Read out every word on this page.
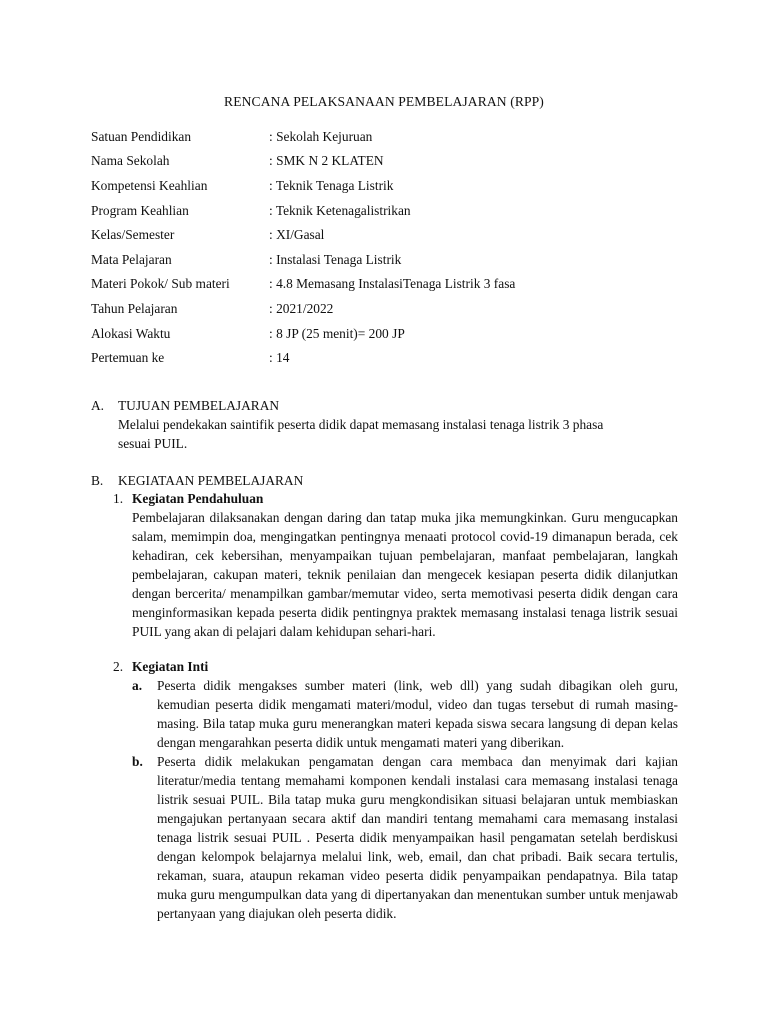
RENCANA PELAKSANAAN PEMBELAJARAN (RPP)
Satuan Pendidikan	: Sekolah Kejuruan
Nama Sekolah	: SMK N 2 KLATEN
Kompetensi Keahlian	: Teknik Tenaga Listrik
Program Keahlian	: Teknik Ketenagalistrikan
Kelas/Semester	: XI/Gasal
Mata Pelajaran	: Instalasi Tenaga Listrik
Materi Pokok/ Sub materi	: 4.8 Memasang InstalasiTenaga Listrik 3 fasa
Tahun Pelajaran	: 2021/2022
Alokasi Waktu	: 8 JP (25 menit)= 200 JP
Pertemuan ke	: 14
A.	TUJUAN PEMBELAJARAN
Melalui pendekakan saintifik peserta didik dapat memasang instalasi tenaga listrik 3 phasa sesuai PUIL.
B.	KEGIATAAN PEMBELAJARAN
1. Kegiatan Pendahuluan
Pembelajaran dilaksanakan dengan daring dan tatap muka jika memungkinkan. Guru mengucapkan salam, memimpin doa, mengingatkan pentingnya menaati protocol covid-19 dimanapun berada, cek kehadiran, cek kebersihan, menyampaikan tujuan pembelajaran, manfaat pembelajaran, langkah pembelajaran, cakupan materi, teknik penilaian dan mengecek kesiapan peserta didik dilanjutkan dengan bercerita/ menampilkan gambar/memutar video, serta memotivasi peserta didik dengan cara menginformasikan kepada peserta didik pentingnya praktek memasang instalasi tenaga listrik sesuai PUIL yang akan di pelajari dalam kehidupan sehari-hari.
2. Kegiatan Inti
a.	Peserta didik mengakses sumber materi (link, web dll) yang sudah dibagikan oleh guru, kemudian peserta didik mengamati materi/modul, video dan tugas tersebut di rumah masing-masing. Bila tatap muka guru menerangkan materi kepada siswa secara langsung di depan kelas dengan mengarahkan peserta didik untuk mengamati materi yang diberikan.
b.	Peserta didik melakukan pengamatan dengan cara membaca dan menyimak dari kajian literatur/media tentang memahami komponen kendali instalasi cara memasang instalasi tenaga listrik sesuai PUIL. Bila tatap muka guru mengkondisikan situasi belajaran untuk membiaskan mengajukan pertanyaan secara aktif dan mandiri tentang memahami cara memasang instalasi tenaga listrik sesuai PUIL . Peserta didik menyampaikan hasil pengamatan setelah berdiskusi dengan kelompok belajarnya melalui link, web, email, dan chat pribadi. Baik secara tertulis, rekaman, suara, ataupun rekaman video peserta didik penyampaikan pendapatnya. Bila tatap muka guru mengumpulkan data yang di dipertanyakan dan menentukan sumber untuk menjawab pertanyaan yang diajukan oleh peserta didik.
